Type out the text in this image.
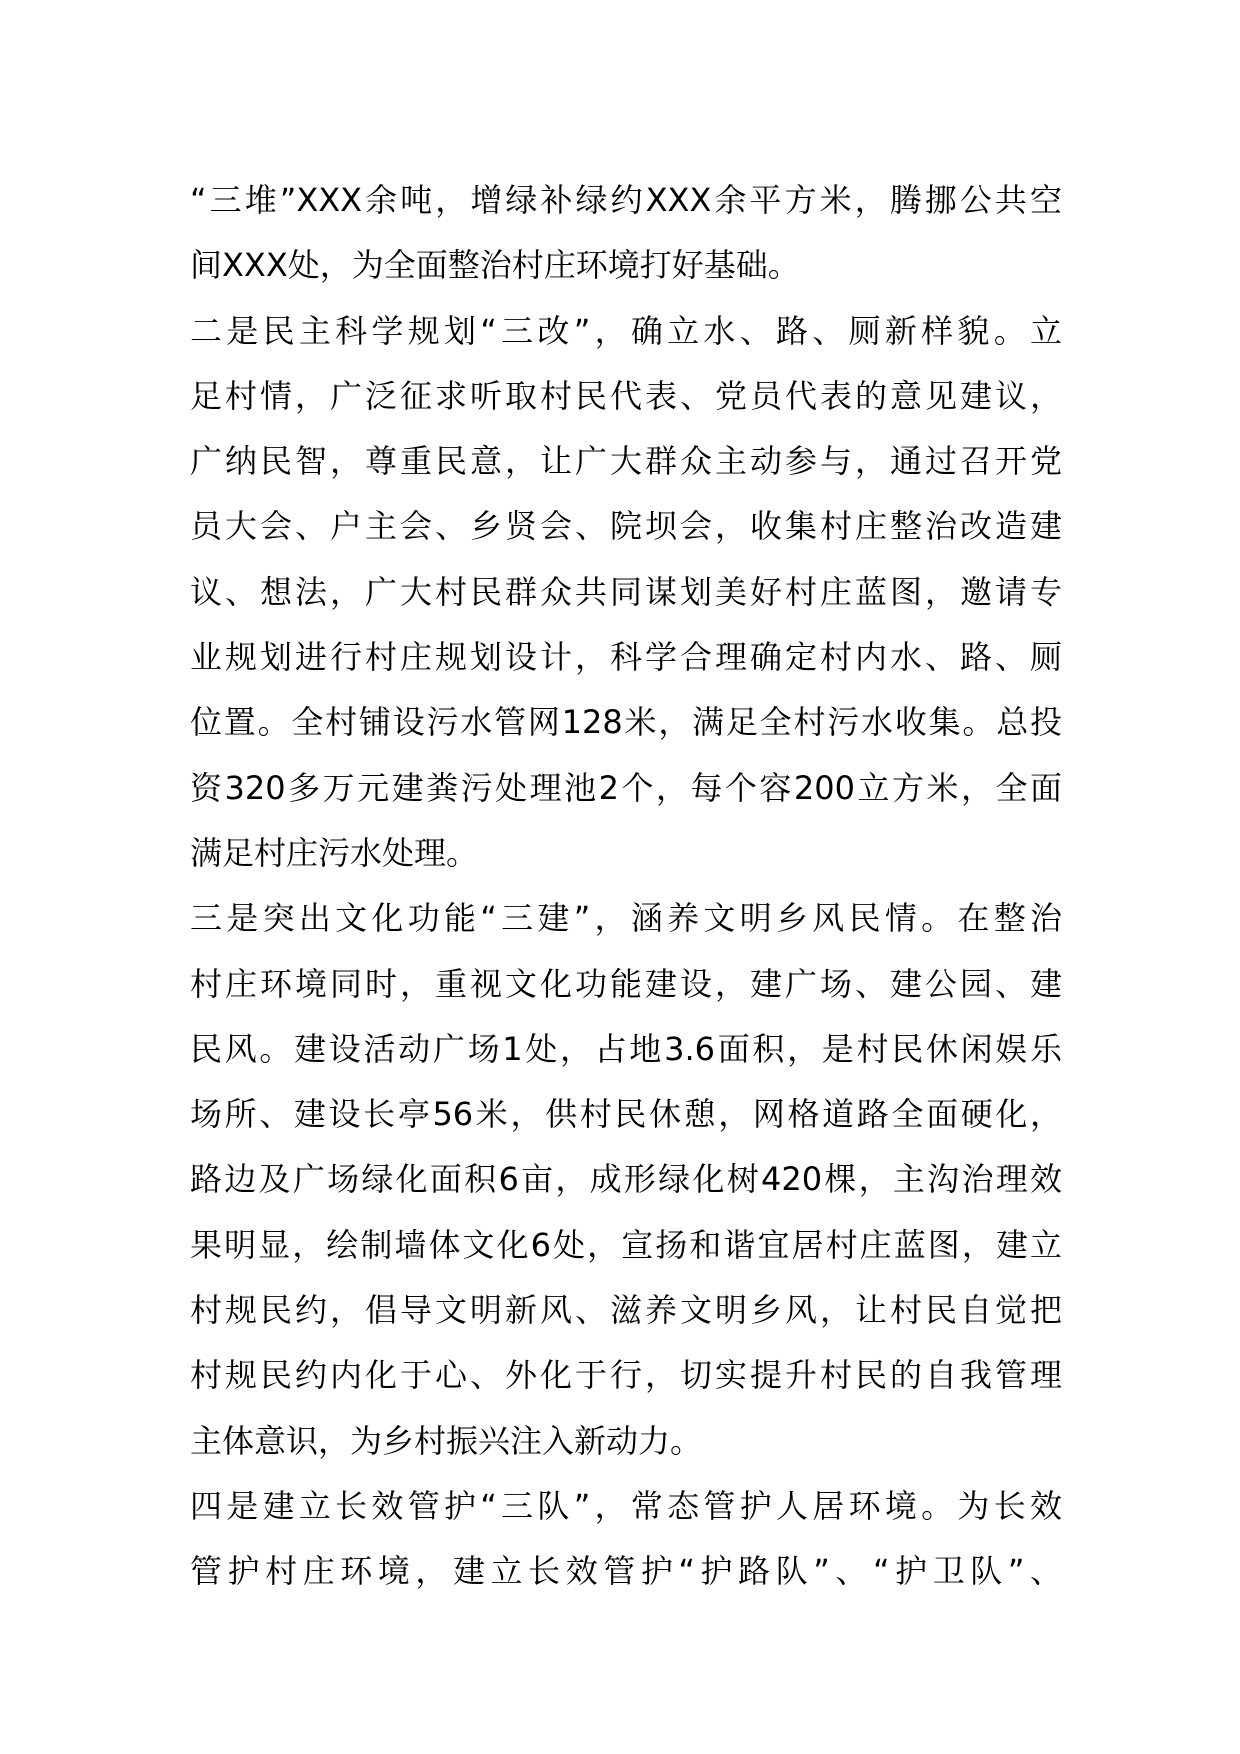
“三堆”XXX余吨，增绿补绿约XXX余平方米，腾挪公共空
间XXX处，为全面整治村庄环境打好基础。
二是民主科学规划“三改”，确立水、路、厕新样貌。立
足村情，广泛征求听取村民代表、党员代表的意见建议，
广纳民智，尊重民意，让广大群众主动参与，通过召开党
员大会、户主会、乡贤会、院坝会，收集村庄整治改造建
议、想法，广大村民群众共同谋划美好村庄蓝图，邀请专
业规划进行村庄规划设计，科学合理确定村内水、路、厕
位置。全村铺设污水管网128米，满足全村污水收集。总投
资320多万元建粪污处理池2个，每个容200立方米，全面
满足村庄污水处理。
三是突出文化功能“三建”，涵养文明乡风民情。在整治
村庄环境同时，重视文化功能建设，建广场、建公园、建
民风。建设活动广场1处，占地3.6面积，是村民休闲娱乐
场所、建设长亭56米，供村民休憩，网格道路全面硬化，
路边及广场绿化面积6亩，成形绿化树420棵，主沟治理效
果明显，绘制墙体文化6处，宣扬和谐宜居村庄蓝图，建立
村规民约，倡导文明新风、滋养文明乡风，让村民自觉把
村规民约内化于心、外化于行，切实提升村民的自我管理
主体意识，为乡村振兴注入新动力。
四是建立长效管护“三队”，常态管护人居环境。为长效
管护村庄环境，建立长效管护“护路队”、“护卫队”、
